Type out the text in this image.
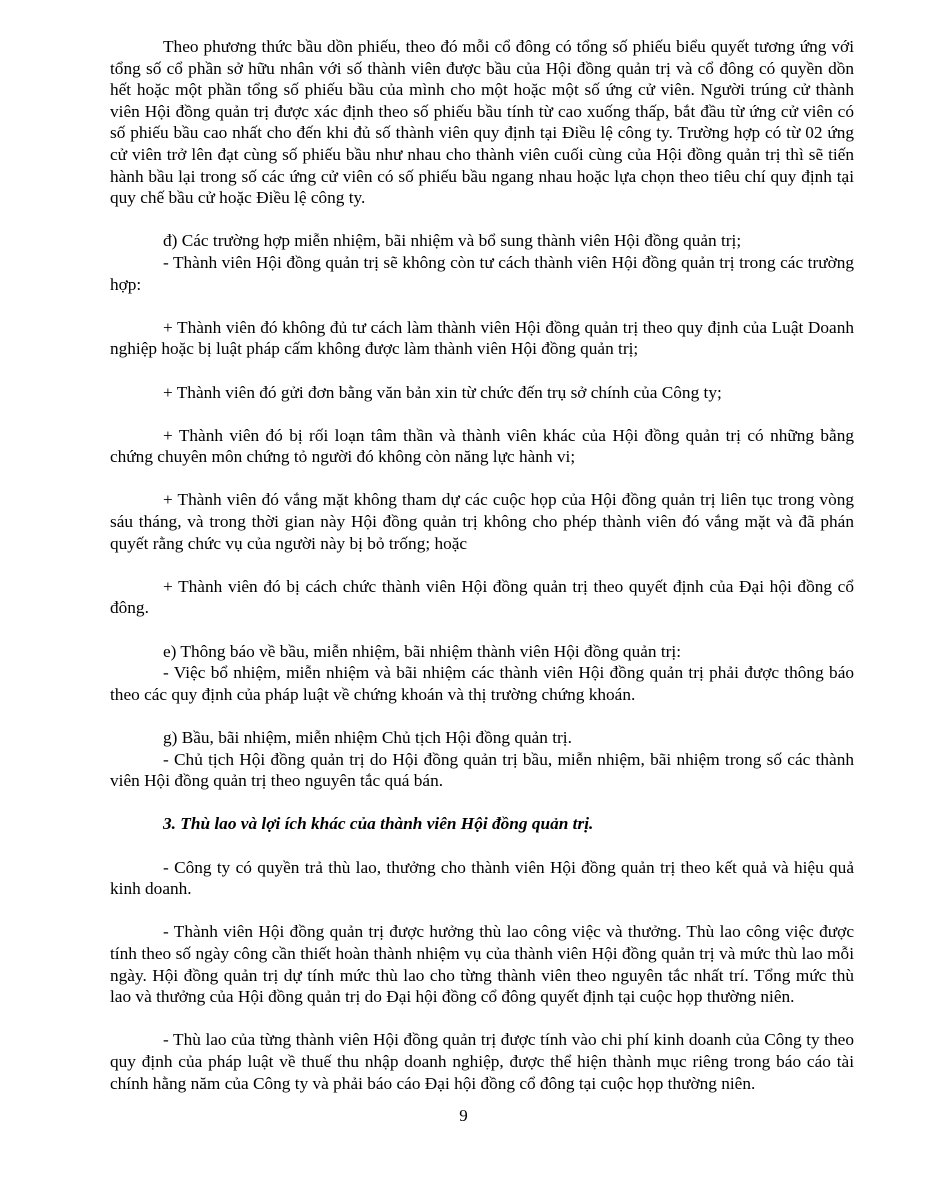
Theo phương thức bầu dồn phiếu, theo đó mỗi cổ đông có tổng số phiếu biểu quyết tương ứng với tổng số cổ phần sở hữu nhân với số thành viên được bầu của Hội đồng quản trị và cổ đông có quyền dồn hết hoặc một phần tổng số phiếu bầu của mình cho một hoặc một số ứng cử viên. Người trúng cử thành viên Hội đồng quản trị được xác định theo số phiếu bầu tính từ cao xuống thấp, bắt đầu từ ứng cử viên có số phiếu bầu cao nhất cho đến khi đủ số thành viên quy định tại Điều lệ công ty. Trường hợp có từ 02 ứng cử viên trở lên đạt cùng số phiếu bầu như nhau cho thành viên cuối cùng của Hội đồng quản trị thì sẽ tiến hành bầu lại trong số các ứng cử viên có số phiếu bầu ngang nhau hoặc lựa chọn theo tiêu chí quy định tại quy chế bầu cử hoặc Điều lệ công ty.

đ) Các trường hợp miễn nhiệm, bãi nhiệm và bổ sung thành viên Hội đồng quản trị;

- Thành viên Hội đồng quản trị sẽ không còn tư cách thành viên Hội đồng quản trị trong các trường hợp:

+ Thành viên đó không đủ tư cách làm thành viên Hội đồng quản trị theo quy định của Luật Doanh nghiệp hoặc bị luật pháp cấm không được làm thành viên Hội đồng quản trị;

+ Thành viên đó gửi đơn bằng văn bản xin từ chức đến trụ sở chính của Công ty;

+ Thành viên đó bị rối loạn tâm thần và thành viên khác của Hội đồng quản trị có những bằng chứng chuyên môn chứng tỏ người đó không còn năng lực hành vi;

+ Thành viên đó vắng mặt không tham dự các cuộc họp của Hội đồng quản trị liên tục trong vòng sáu tháng, và trong thời gian này Hội đồng quản trị không cho phép thành viên đó vắng mặt và đã phán quyết rằng chức vụ của người này bị bỏ trống; hoặc

+ Thành viên đó bị cách chức thành viên Hội đồng quản trị theo quyết định của Đại hội đồng cổ đông.

e) Thông báo về bầu, miễn nhiệm, bãi nhiệm thành viên Hội đồng quản trị:

- Việc bổ nhiệm, miễn nhiệm và bãi nhiệm các thành viên Hội đồng quản trị phải được thông báo theo các quy định của pháp luật về chứng khoán và thị trường chứng khoán.

g) Bầu, bãi nhiệm, miễn nhiệm Chủ tịch Hội đồng quản trị.

- Chủ tịch Hội đồng quản trị do Hội đồng quản trị bầu, miễn nhiệm, bãi nhiệm trong số các thành viên Hội đồng quản trị theo nguyên tắc quá bán.

3. Thù lao và lợi ích khác của thành viên Hội đồng quản trị.

- Công ty có quyền trả thù lao, thưởng cho thành viên Hội đồng quản trị theo kết quả và hiệu quả kinh doanh.

- Thành viên Hội đồng quản trị được hưởng thù lao công việc và thưởng. Thù lao công việc được tính theo số ngày công cần thiết hoàn thành nhiệm vụ của thành viên Hội đồng quản trị và mức thù lao mỗi ngày. Hội đồng quản trị dự tính mức thù lao cho từng thành viên theo nguyên tắc nhất trí. Tổng mức thù lao và thưởng của Hội đồng quản trị do Đại hội đồng cổ đông quyết định tại cuộc họp thường niên.

- Thù lao của từng thành viên Hội đồng quản trị được tính vào chi phí kinh doanh của Công ty theo quy định của pháp luật về thuế thu nhập doanh nghiệp, được thể hiện thành mục riêng trong báo cáo tài chính hằng năm của Công ty và phải báo cáo Đại hội đồng cổ đông tại cuộc họp thường niên.

9
